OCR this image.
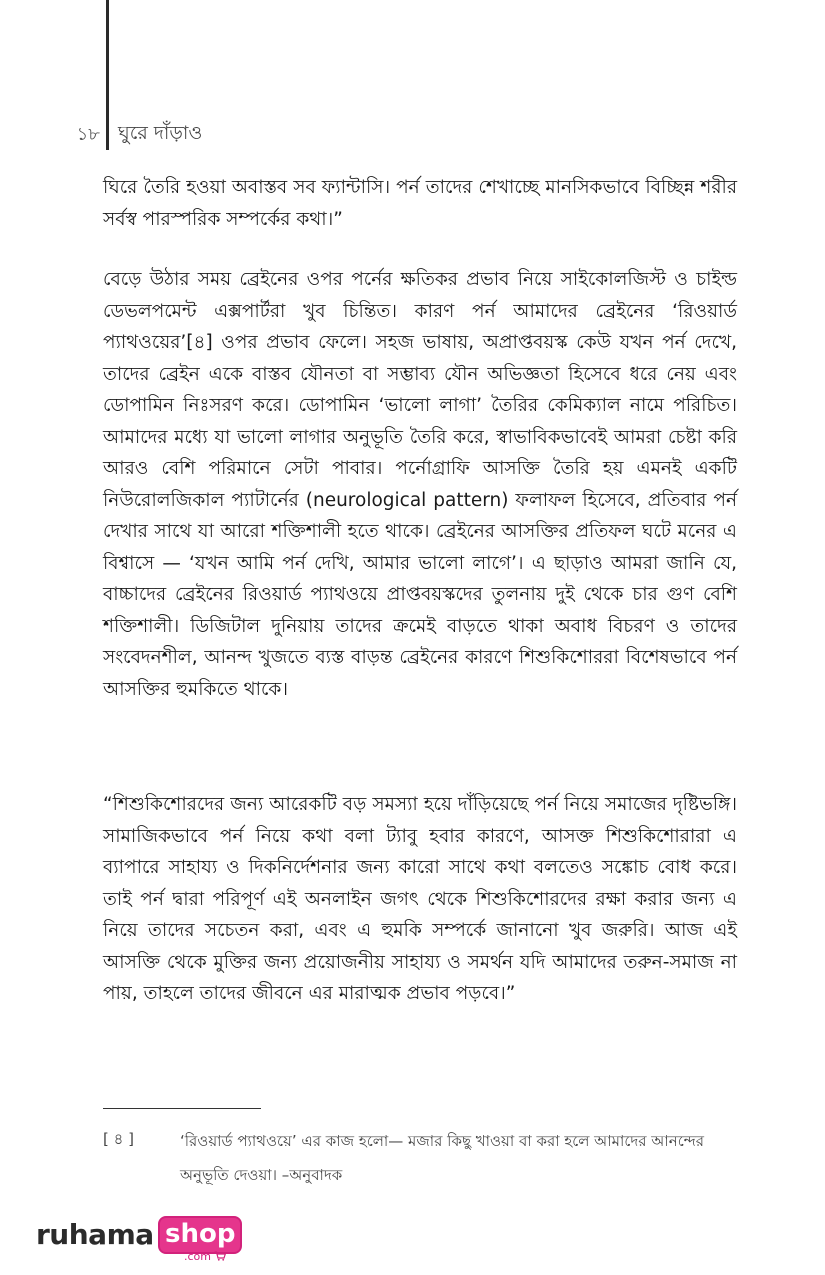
১৮ ঘুরে দাঁড়াও

ঘিরে তৈরি হওয়া অবাস্তব সব ফ্যান্টাসি। পর্ন তাদের শেখাচ্ছে মানসিকভাবে বিচ্ছিন্ন শরীর সর্বস্ব পারস্পরিক সম্পর্কের কথা।”

বেড়ে উঠার সময় ব্রেইনের ওপর পর্নের ক্ষতিকর প্রভাব নিয়ে সাইকোলজিস্ট ও চাইল্ড ডেভলপমেন্ট এক্সপার্টরা খুব চিন্তিত। কারণ পর্ন আমাদের ব্রেইনের ‘রিওয়ার্ড প্যাথওয়ের’[৪] ওপর প্রভাব ফেলে। সহজ ভাষায়, অপ্রাপ্তবয়স্ক কেউ যখন পর্ন দেখে, তাদের ব্রেইন একে বাস্তব যৌনতা বা সম্ভাব্য যৌন অভিজ্ঞতা হিসেবে ধরে নেয় এবং ডোপামিন নিঃসরণ করে। ডোপামিন ‘ভালো লাগা’ তৈরির কেমিক্যাল নামে পরিচিত। আমাদের মধ্যে যা ভালো লাগার অনুভূতি তৈরি করে, স্বাভাবিকভাবেই আমরা চেষ্টা করি আরও বেশি পরিমানে সেটা পাবার। পর্নোগ্রাফি আসক্তি তৈরি হয় এমনই একটি নিউরোলজিকাল প্যাটার্নের (neurological pattern) ফলাফল হিসেবে, প্রতিবার পর্ন দেখার সাথে যা আরো শক্তিশালী হতে থাকে। ব্রেইনের আসক্তির প্রতিফল ঘটে মনের এ বিশ্বাসে — ‘যখন আমি পর্ন দেখি, আমার ভালো লাগে’। এ ছাড়াও আমরা জানি যে, বাচ্চাদের ব্রেইনের রিওয়ার্ড প্যাথওয়ে প্রাপ্তবয়স্কদের তুলনায় দুই থেকে চার গুণ বেশি শক্তিশালী। ডিজিটাল দুনিয়ায় তাদের ক্রমেই বাড়তে থাকা অবাধ বিচরণ ও তাদের সংবেদনশীল, আনন্দ খুজতে ব্যস্ত বাড়ন্ত ব্রেইনের কারণে শিশুকিশোররা বিশেষভাবে পর্ন আসক্তির হুমকিতে থাকে।

“শিশুকিশোরদের জন্য আরেকটি বড় সমস্যা হয়ে দাঁড়িয়েছে পর্ন নিয়ে সমাজের দৃষ্টিভঙ্গি। সামাজিকভাবে পর্ন নিয়ে কথা বলা ট্যাবু হবার কারণে, আসক্ত শিশুকিশোরারা এ ব্যাপারে সাহায্য ও দিকনির্দেশনার জন্য কারো সাথে কথা বলতেও সঙ্কোচ বোধ করে। তাই পর্ন দ্বারা পরিপূর্ণ এই অনলাইন জগৎ থেকে শিশুকিশোরদের রক্ষা করার জন্য এ নিয়ে তাদের সচেতন করা, এবং এ হুমকি সম্পর্কে জানানো খুব জরুরি। আজ এই আসক্তি থেকে মুক্তির জন্য প্রয়োজনীয় সাহায্য ও সমর্থন যদি আমাদের তরুন-সমাজ না পায়, তাহলে তাদের জীবনে এর মারাত্মক প্রভাব পড়বে।”

[ ৪ ]	‘রিওয়ার্ড প্যাথওয়ে’ এর কাজ হলো— মজার কিছু খাওয়া বা করা হলে আমাদের আনন্দের অনুভূতি দেওয়া। –অনুবাদক
ruhama shop
.com
